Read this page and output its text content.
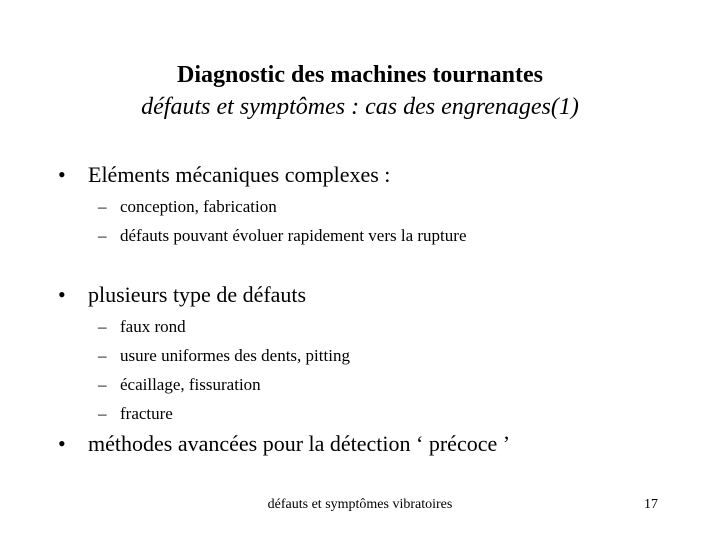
Diagnostic des machines tournantes
défauts et symptômes : cas des engrenages(1)
• Eléments mécaniques complexes :
– conception, fabrication
– défauts pouvant évoluer rapidement vers la rupture
• plusieurs type de défauts
– faux rond
– usure uniformes des dents, pitting
– écaillage, fissuration
– fracture
• méthodes avancées pour la détection ‘ précoce ’
défauts et symptômes vibratoires	17
